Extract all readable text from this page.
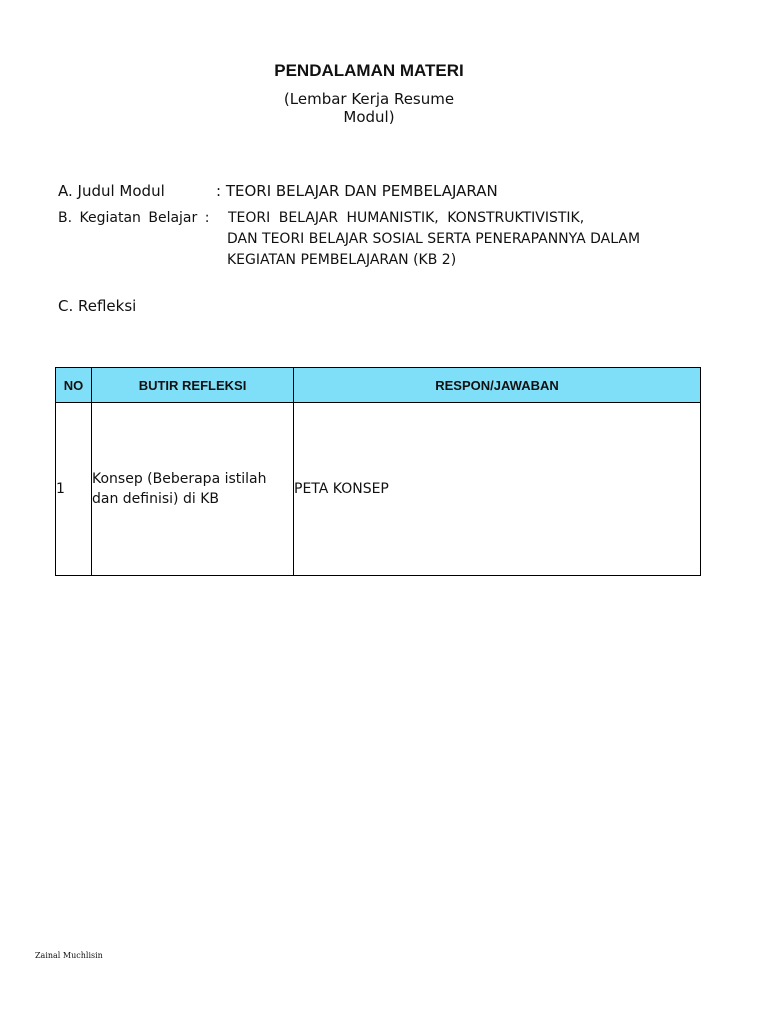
PENDALAMAN MATERI
(Lembar Kerja Resume
Modul)
A. Judul Modul	: TEORI BELAJAR DAN PEMBELAJARAN
B. Kegiatan Belajar : TEORI BELAJAR HUMANISTIK, KONSTRUKTIVISTIK,
DAN TEORI BELAJAR SOSIAL SERTA PENERAPANNYA DALAM
KEGIATAN PEMBELAJARAN (KB 2)
C. Refleksi
NO	BUTIR REFLEKSI	RESPON/JAWABAN
1	Konsep (Beberapa istilah dan definisi) di KB	PETA KONSEP
Zainal Muchlisin
